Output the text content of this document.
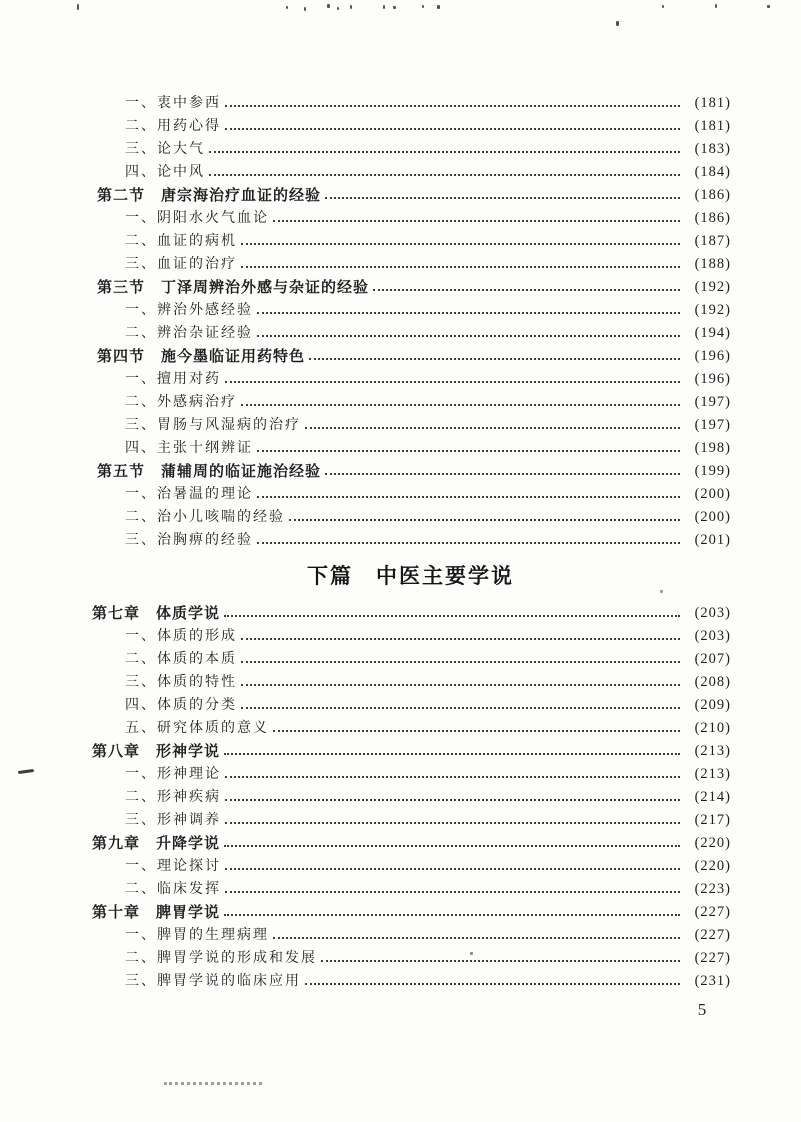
一、衷中参西	(181)
二、用药心得	(181)
三、论大气	(183)
四、论中风	(184)
第二节　唐宗海治疗血证的经验	(186)
一、阴阳水火气血论	(186)
二、血证的病机	(187)
三、血证的治疗	(188)
第三节　丁泽周辨治外感与杂证的经验	(192)
一、辨治外感经验	(192)
二、辨治杂证经验	(194)
第四节　施今墨临证用药特色	(196)
一、擅用对药	(196)
二、外感病治疗	(197)
三、胃肠与风湿病的治疗	(197)
四、主张十纲辨证	(198)
第五节　蒲辅周的临证施治经验	(199)
一、治暑温的理论	(200)
二、治小儿咳喘的经验	(200)
三、治胸痹的经验	(201)
下篇　中医主要学说
第七章　体质学说	(203)
一、体质的形成	(203)
二、体质的本质	(207)
三、体质的特性	(208)
四、体质的分类	(209)
五、研究体质的意义	(210)
第八章　形神学说	(213)
一、形神理论	(213)
二、形神疾病	(214)
三、形神调养	(217)
第九章　升降学说	(220)
一、理论探讨	(220)
二、临床发挥	(223)
第十章　脾胃学说	(227)
一、脾胃的生理病理	(227)
二、脾胃学说的形成和发展	(227)
三、脾胃学说的临床应用	(231)
5
